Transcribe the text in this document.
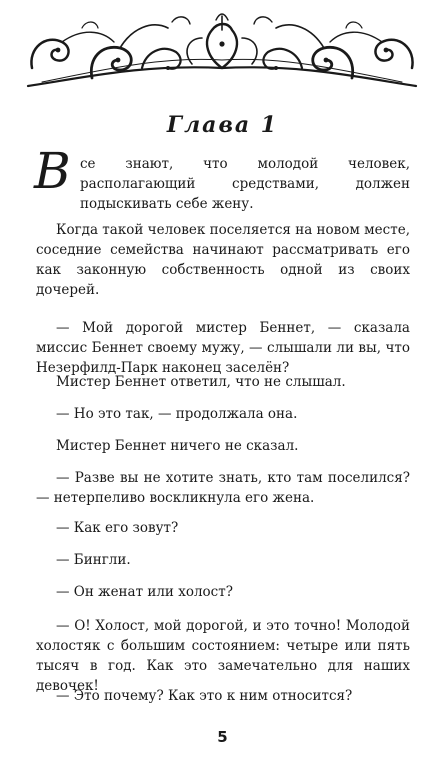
Глава 1
В се знают, что молодой человек, располагающий средствами, должен подыскивать себе жену.
Когда такой человек поселяется на новом месте, соседние семейства начинают рассматривать его как законную собственность одной из своих дочерей.
— Мой дорогой мистер Беннет, — сказала миссис Беннет своему мужу, — слышали ли вы, что Незерфилд-Парк наконец заселён?
Мистер Беннет ответил, что не слышал.
— Но это так, — продолжала она.
Мистер Беннет ничего не сказал.
— Разве вы не хотите знать, кто там поселился? — нетерпеливо воскликнула его жена.
— Как его зовут?
— Бингли.
— Он женат или холост?
— О! Холост, мой дорогой, и это точно! Молодой холостяк с большим состоянием: четыре или пять тысяч в год. Как это замечательно для наших девочек!
— Это почему? Как это к ним относится?
5
